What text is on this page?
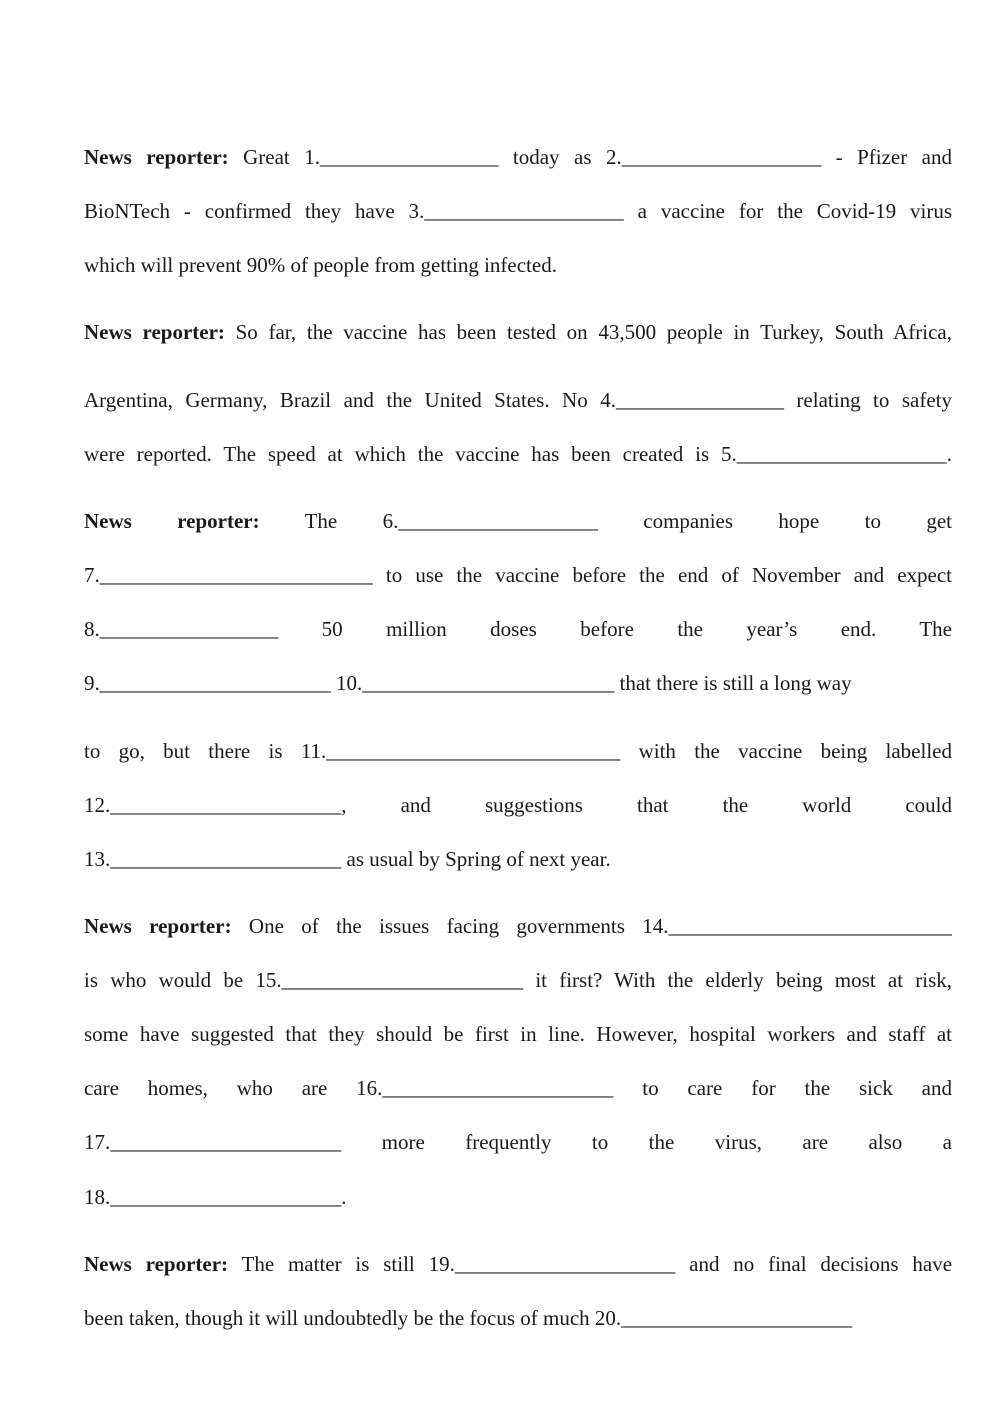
News reporter: Great 1._________________ today as 2.___________________ - Pfizer and
BioNTech - confirmed they have 3.___________________ a vaccine for the Covid-19 virus
which will prevent 90% of people from getting infected.
News reporter: So far, the vaccine has been tested on 43,500 people in Turkey, South Africa,
Argentina, Germany, Brazil and the United States. No 4.________________ relating to safety
were reported. The speed at which the vaccine has been created is 5.____________________.
News reporter: The 6.___________________ companies hope to get
7.__________________________ to use the vaccine before the end of November and expect
8._________________ 50 million doses before the year’s end. The
9.______________________ 10.________________________ that there is still a long way
to go, but there is 11.____________________________ with the vaccine being labelled
12.______________________, and suggestions that the world could
13.______________________ as usual by Spring of next year.
News reporter: One of the issues facing governments 14.___________________________
is who would be 15._______________________ it first? With the elderly being most at risk,
some have suggested that they should be first in line. However, hospital workers and staff at
care homes, who are 16.______________________ to care for the sick and
17.______________________ more frequently to the virus, are also a
18.______________________.
News reporter: The matter is still 19._____________________ and no final decisions have
been taken, though it will undoubtedly be the focus of much 20.______________________
